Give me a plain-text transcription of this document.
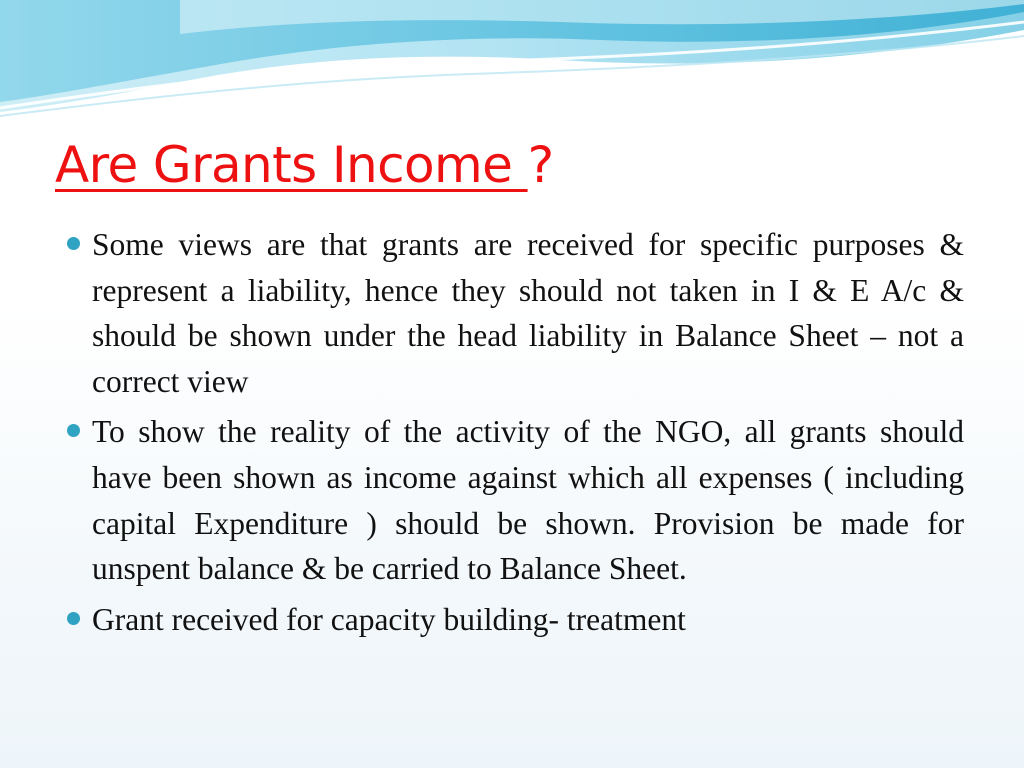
Are Grants Income ?
Some views are that grants are received for specific purposes & represent a liability, hence they should not taken in I & E A/c & should be shown under the head liability in Balance Sheet – not a correct view
To show the reality of the activity of the NGO, all grants should have been shown as income against which all expenses ( including capital Expenditure ) should be shown. Provision be made for unspent balance & be carried to Balance Sheet.
Grant received for capacity building- treatment
